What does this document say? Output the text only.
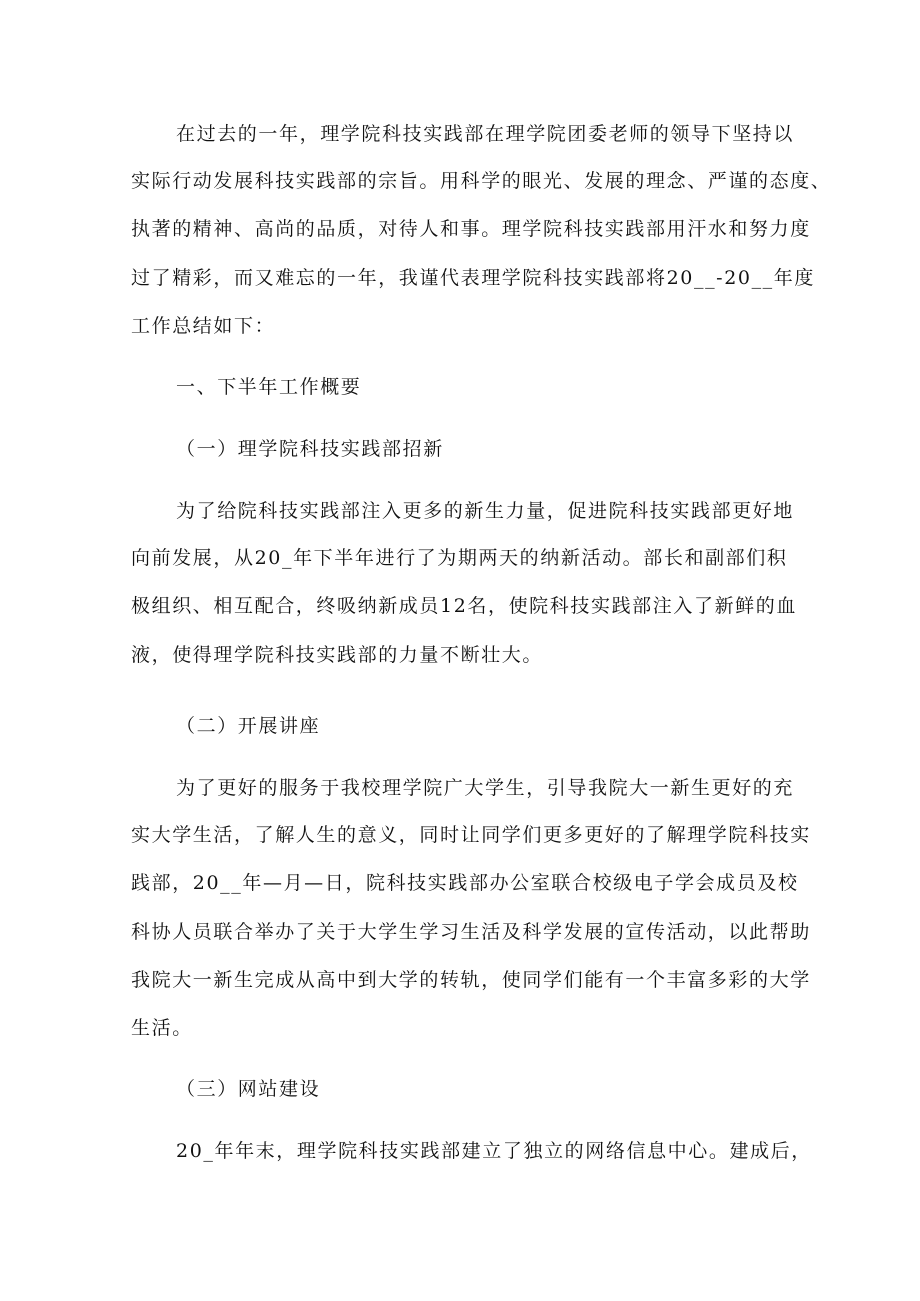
在过去的一年，理学院科技实践部在理学院团委老师的领导下坚持以
实际行动发展科技实践部的宗旨。用科学的眼光、发展的理念、严谨的态度、
执著的精神、高尚的品质，对待人和事。理学院科技实践部用汗水和努力度
过了精彩，而又难忘的一年，我谨代表理学院科技实践部将20__-20__年度
工作总结如下：
一、下半年工作概要
（一）理学院科技实践部招新
为了给院科技实践部注入更多的新生力量，促进院科技实践部更好地
向前发展，从20_年下半年进行了为期两天的纳新活动。部长和副部们积
极组织、相互配合，终吸纳新成员12名，使院科技实践部注入了新鲜的血
液，使得理学院科技实践部的力量不断壮大。
（二）开展讲座
为了更好的服务于我校理学院广大学生，引导我院大一新生更好的充
实大学生活，了解人生的意义，同时让同学们更多更好的了解理学院科技实
践部，20__年—月—日，院科技实践部办公室联合校级电子学会成员及校
科协人员联合举办了关于大学生学习生活及科学发展的宣传活动，以此帮助
我院大一新生完成从高中到大学的转轨，使同学们能有一个丰富多彩的大学
生活。
（三）网站建设
20_年年末，理学院科技实践部建立了独立的网络信息中心。建成后，
